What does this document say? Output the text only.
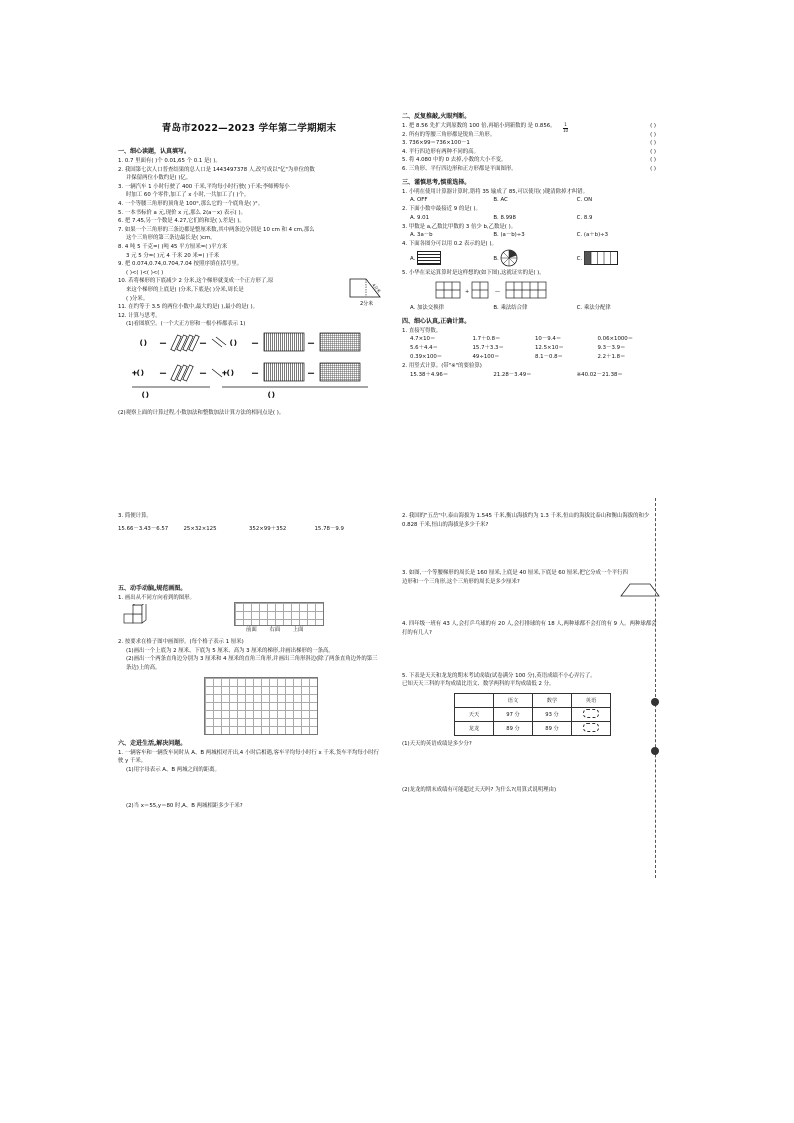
青岛市2022—2023 学年第二学期期末
一、细心读题，认真填写。
1. 0.7 里面有( )个 0.01,65 个 0.1 是( )。
2. 我国第七次人口普查结果的总人口是 1443497378 人,改写成以"亿"为单位的数
并保留两位小数约是( )亿。
3. 一辆汽车 1 小时行驶了 400 千米,平均每小时行驶( )千米;李师傅每小
时加工 60 个零件,加工了 x 小时,一共加工了( )个。
4. 一个等腰三角形的顶角是 100°,那么它的一个底角是( )°。
5. 一本书标价 a 元,现价 x 元,那么 2(a－x) 表示( )。
6. 把 7.45,另一个数是 4.27,它们的和是( ),差是( )。
7. 如果一个三角形的三条边都是整厘米数,其中两条边分别是 10 cm 和 4 cm,那么
这个三角形的第三条边最长是( )cm。
8. 4 吨 5 千克=( )吨 45 平方厘米=( )平方米
3 元 5 分=( )元 4 千米 20 米=( )千米
9. 把 0.074,0.74,0.704,7.04 按照序填在括号里。
( )<( )<( )<( )
10. 若将梯形的下底减少 2 分米,这个梯形就变成一个正方形了,原
来这个梯形的上底是( )分米,下底是( )分米,周长是
( )分米。
2分米
4分米
11. 在约等于 3.5 的两位小数中,最大的是( ),最小的是( )。
12. 计算与思考。
(1)看图填空。(一个大正方形和一根小棒都表示 1)
( ) —	—	( )	—	—
+( )	—	—	+( )	—	—
( )	( )
(2)观察上面的计算过程,小数加法和整数加法计算方法的相同点是( )。
二、反复推敲,火眼判断。
1. 把 8.56 先扩大到原数的 100 倍,再缩小到新数的 是 0.856。 $\frac{1}{10}$	( )
2. 所有的等腰三角形都是锐角三角形。	( )
3. 736×99＝736×100－1	( )
4. 平行四边形有两种不同的高。	( )
5. 将 4.080 中的 0 去掉,小数的大小不变。	( )
6. 三角形、平行四边形和正方形都是平面图形。	( )
三、谨慎思考,慎重选择。
1. 小明在使用计算器计算时,错将 35 输成了 85,可以使用( )键清除掉才纠错。
A. OFF	B. AC	C. ON
2. 下面小数中最接近 9 的是( )。
A. 9.01	B. 8.998	C. 8.9
3. 甲数是 a,乙数比甲数的 3 倍少 b,乙数是( )。
A. 3a－b	B. (a－b)÷3	C. (a＋b)÷3
4. 下面各图分可以用 0.2 表示的是( )。
A.	B.	C.
5. 小华在采运算算时是这样想的(如下图),这就证实的是( )。
+	—
A. 加法交换律	B. 乘法结合律	C. 乘法分配律
四、细心认真,正确计算。
1. 直接写得数。
4.7×10＝	1.7＋0.8＝	10－9.4＝	0.06×1000＝
5.6＋4.4＝	15.7＋3.3＝	12.5×10＝	9.3－3.9＝
0.39×100＝	49÷100＝	8.1－0.8＝	2.2＋1.8＝
2. 用竖式计算。(带"※"的要验算)
15.38＋4.96＝	21.28－3.49＝	※40.02－21.38＝
3. 简便计算。
15.66－3.43－6.57	25×32×125	352×99＋352	15.78－9.9
五、动手动脑,规范画图。
1. 画出从不同方向看到的图形。
前面	右面	上面
2. 按要求在格子图中画图形。(每个格子表示 1 厘米)
(1)画出一个上底为 2 厘米、下底为 5 厘米、高为 3 厘米的梯形,并画出梯形的一条高。
(2)画出一个两条直角边分别为 3 厘米和 4 厘米的直角三角形,并画出三角形斜边(除了两条直角边外的第三条边)上的高。
六、走进生活,解决问题。
1. 一辆客车和一辆货车同时从 A、B 两城相对开出,4 小时后相遇,客车平均每小时行 x 千米,货车平均每小时行驶 y 千米。
(1)用字母表示 A、B 两城之间的距离。
(2)当 x＝55,y＝80 时,A、B 两城相距多少千米?
2. 我国的"五岳"中,泰山海拔为 1.545 千米,衡山海拔约为 1.3 千米,恒山的海拔比泰山和衡山海拔的和少 0.828 千米,恒山的海拔是多少千米?
3. 如图,一个等腰梯形的周长是 160 厘米,上底是 40 厘米,下底是 60 厘米,把它分成一个平行四边形和一个三角形,这个三角形的周长是多少厘米?
4. 四年级一班有 43 人,会打乒乓球的有 20 人,会打排球的有 18 人,两种球都不会打的有 9 人。两种球都会打的有几人?
5. 下表是天天和龙龙的期末考试成绩(试卷满分 100 分),英语成绩不小心弄污了。
已知天天三科的平均成绩比语文、数学两科的平均成绩低 2 分。
	语文	数学	英语
天天	97 分	93 分	
龙龙	89 分	89 分	
(1)天天的英语成绩是多少分?
(2)龙龙的期末成绩有可能超过天天吗? 为什么?(用算式说明理由)
